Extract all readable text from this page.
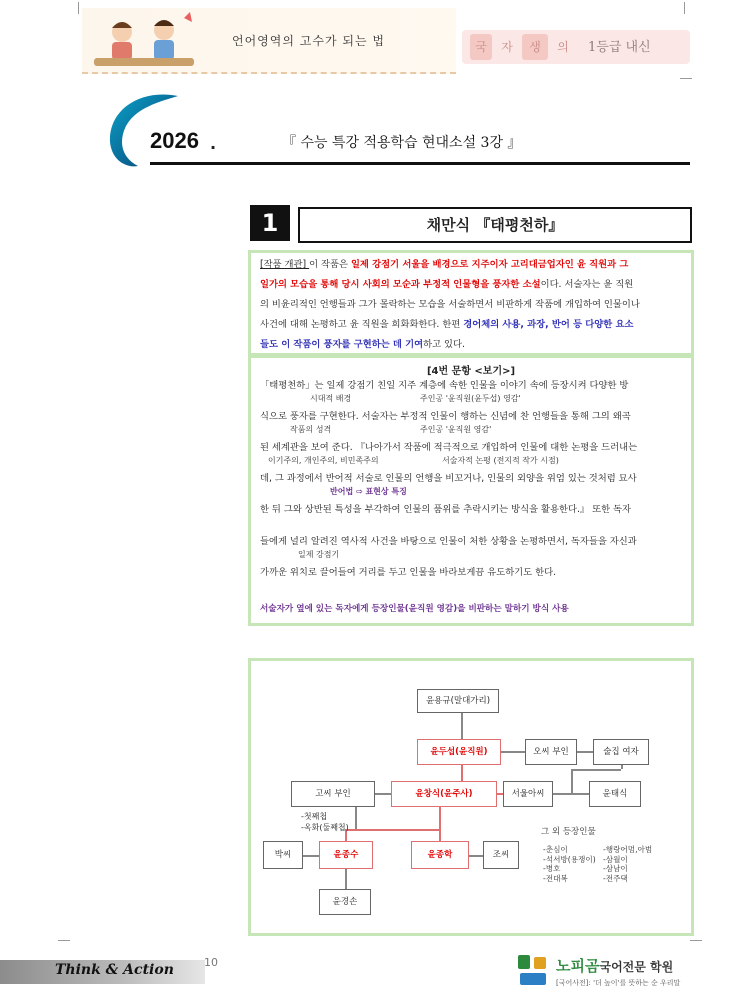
언어영역의 고수가 되는 법	국	자	생	의	1등급 내신
2026 .	『 수능 특강 적용학습 현대소설 3강 』
1	채만식 『태평천하』

[작품 개관] 이 작품은 일제 강점기 서울을 배경으로 지주이자 고리대금업자인 윤 직원과 그

일가의 모습을 통해 당시 사회의 모순과 부정적 인물형을 풍자한 소설이다. 서술자는 윤 직원

의 비윤리적인 언행들과 그가 몰락하는 모습을 서술하면서 비판하게 작품에 개입하여 인물이나

사건에 대해 논평하고 윤 직원을 희화화한다. 한편 경어체의 사용, 과장, 반어 등 다양한 요소

들도 이 작품이 풍자를 구현하는 데 기여하고 있다.

[4번 문항 <보기>]
「태평천하」는 일제 강점기 친일 지주 계층에 속한 인물을 이야기 속에 등장시켜 다양한 방
시대적 배경	주인공 '윤직원(윤두섭) 영감'
식으로 풍자를 구현한다. 서술자는 부정적 인물이 행하는 신념에 찬 언행들을 통해 그의 왜곡
작품의 성격	주인공 '윤직원 영감'
된 세계관을 보여 준다. 『나아가서 작품에 적극적으로 개입하여 인물에 대한 논평을 드러내는
이기주의, 개인주의, 비민족주의	서술자적 논평 (전지적 작가 시점)
데, 그 과정에서 반어적 서술로 인물의 언행을 비꼬거나, 인물의 외양을 위엄 있는 것처럼 묘사
반어법 ⇨ 표현상 특징
한 뒤 그와 상반된 특성을 부각하여 인물의 품위를 추락시키는 방식을 활용한다.』 또한 독자
들에게 널리 알려진 역사적 사건을 바탕으로 인물이 처한 상황을 논평하면서, 독자들을 자신과
일제 강점기
가까운 위치로 끌어들여 거리를 두고 인물을 바라보게끔 유도하기도 한다.
서술자가 옆에 있는 독자에게 등장인물(윤직원 영감)을 비판하는 말하기 방식 사용
윤용규(말대가리)
윤두섭(윤직원)	오씨 부인	술집 여자
고씨 부인	윤창식(윤주사)	서울아씨	윤태식
-첫째첩
-옥화(둘째첩)
박씨	윤종수	윤종학	조씨
윤경손
그 외 등장인물
-춘심이
-석서방(용쟁이)
-병호
-전대복
-행랑어멈,아범
-삼월이
-삼남이
-전주댁
Think & Action	10	노피곰국어전문 학원
[국어사전]: '더 높이'를 뜻하는 순 우리말
